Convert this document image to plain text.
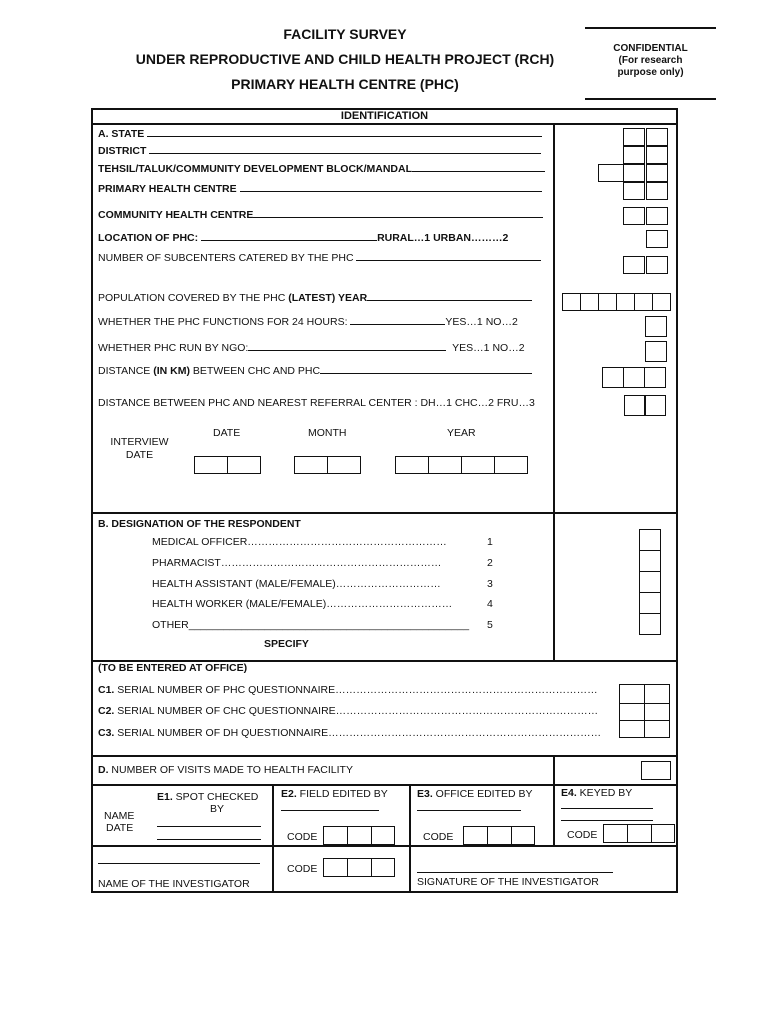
FACILITY SURVEY
UNDER REPRODUCTIVE AND CHILD HEALTH PROJECT (RCH)
PRIMARY HEALTH CENTRE (PHC)
CONFIDENTIAL
(For research
purpose only)
IDENTIFICATION
A. STATE
DISTRICT
TEHSIL/TALUK/COMMUNITY DEVELOPMENT BLOCK/MANDAL
PRIMARY HEALTH CENTRE
COMMUNITY HEALTH CENTRE
LOCATION OF PHC:	RURAL…1 URBAN………2
NUMBER OF SUBCENTERS CATERED BY THE PHC
POPULATION COVERED BY THE PHC (LATEST) YEAR
WHETHER THE PHC FUNCTIONS FOR 24 HOURS:	YES…1 NO…2
WHETHER PHC RUN BY NGO:	YES…1 NO…2
DISTANCE (IN KM) BETWEEN CHC AND PHC
DISTANCE BETWEEN PHC AND NEAREST REFERRAL CENTER : DH…1 CHC…2 FRU…3
INTERVIEW
DATE
DATE	MONTH	YEAR
B. DESIGNATION OF THE RESPONDENT
MEDICAL OFFICER…………………………………………………	1
PHARMACIST………………………………………………………	2
HEALTH ASSISTANT (MALE/FEMALE)…………………………	3
HEALTH WORKER (MALE/FEMALE)………………………………	4
OTHER________________________________________________ 5
SPECIFY
(TO BE ENTERED AT OFFICE)
C1. SERIAL NUMBER OF PHC QUESTIONNAIRE…………………………………………………………………
C2. SERIAL NUMBER OF CHC QUESTIONNAIRE…………………………………………………………………
C3. SERIAL NUMBER OF DH QUESTIONNAIRE……………………………………………………………………
D. NUMBER OF VISITS MADE TO HEALTH FACILITY
E1. SPOT CHECKED
BY
NAME
DATE
E2. FIELD EDITED BY
CODE
E3. OFFICE EDITED BY
CODE
E4. KEYED BY
CODE
NAME OF THE INVESTIGATOR
CODE
SIGNATURE OF THE INVESTIGATOR
